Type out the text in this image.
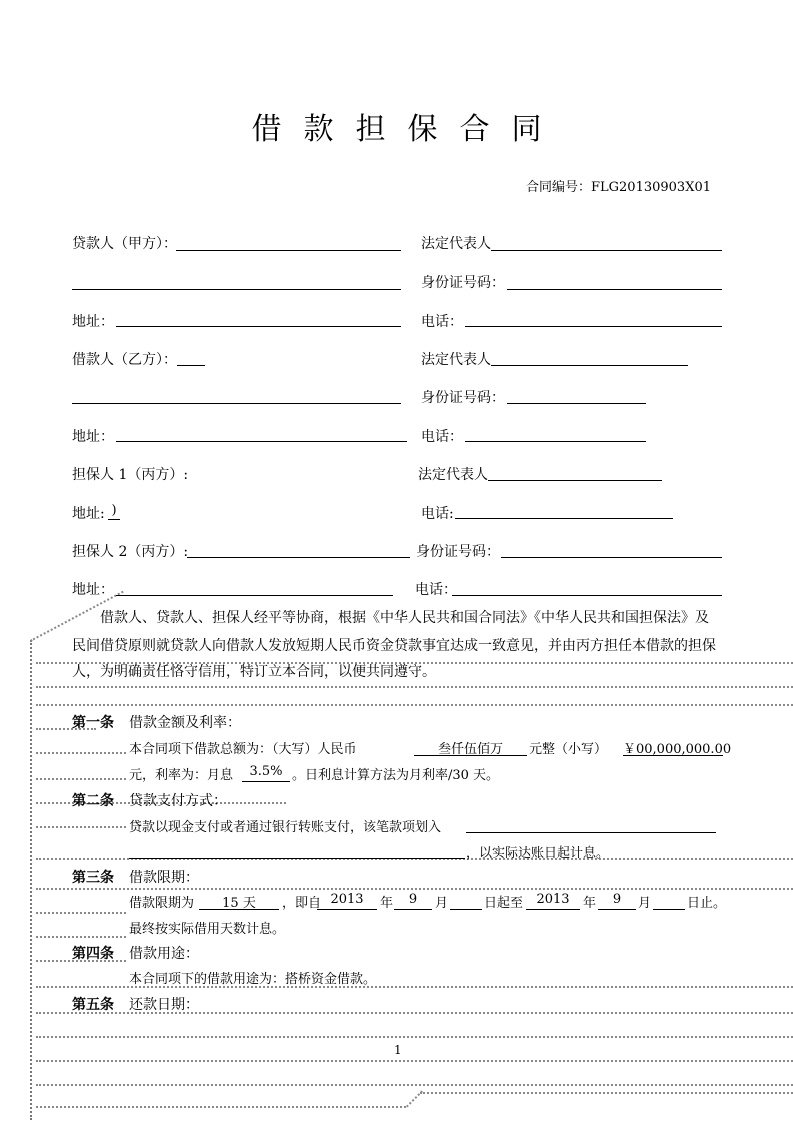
借款担保合同
合同编号：FLG20130903X01
贷款人（甲方）：	法定代表人
身份证号码：
地址：	电话：
借款人（乙方）：	法定代表人
身份证号码：
地址：	电话：
担保人 1（丙方）:	法定代表人
地址: )	电话:
担保人 2（丙方）:	身份证号码：
地址：	电话：
借款人、贷款人、担保人经平等协商，根据《中华人民共和国合同法》《中华人民共和国担保法》及
民间借贷原则就贷款人向借款人发放短期人民币资金贷款事宜达成一致意见，并由丙方担任本借款的担保
人，为明确责任恪守信用，特订立本合同，以便共同遵守。
第一条 借款金额及利率：
本合同项下借款总额为：（大写）人民币	叁仟伍佰万	元整（小写） ￥00,000,000.00
元，利率为：月息	3.5% 。日利息计算方法为月利率/30 天。
第二条 贷款支付方式：
贷款以现金支付或者通过银行转账支付，该笔款项划入
，以实际达账日起计息。
第三条 借款限期：
借款限期为	15 天	，即自 2013	年	9	月	日起至	2013	年	9	月	日止。
最终按实际借用天数计息。
第四条 借款用途：
本合同项下的借款用途为：搭桥资金借款。
第五条 还款日期：
1
